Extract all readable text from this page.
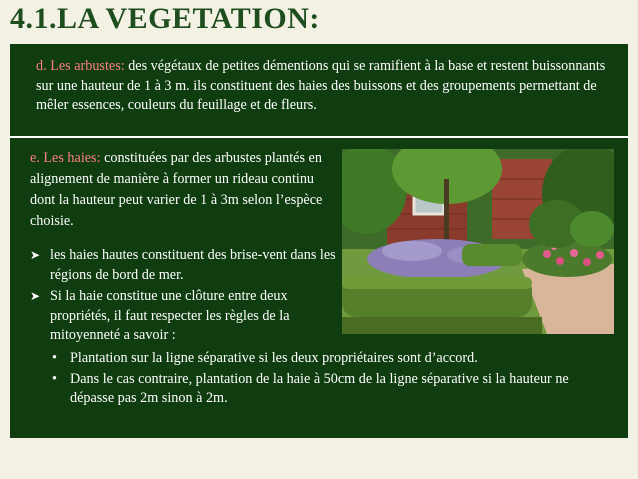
4.1.LA VEGETATION:

d. Les arbustes: des végétaux de petites démentions qui se ramifient à la base et restent buissonnants sur une hauteur de 1 à 3 m. ils constituent des haies des buissons et des groupements permettant de mêler essences, couleurs du feuillage et de fleurs.

e. Les haies: constituées par des arbustes plantés en alignement de manière à former un rideau continu dont la hauteur peut varier de 1 à 3m selon l’espèce choisie.

➤ les haies hautes constituent des brise-vent dans les régions de bord de mer.
➤ Si la haie constitue une clôture entre deux propriétés, il faut respecter les règles de la mitoyenneté a savoir :
• Plantation sur la ligne séparative si les deux propriétaires sont d’accord.
• Dans le cas contraire, plantation de la haie à 50cm de la ligne séparative si la hauteur ne dépasse pas 2m sinon à 2m.
